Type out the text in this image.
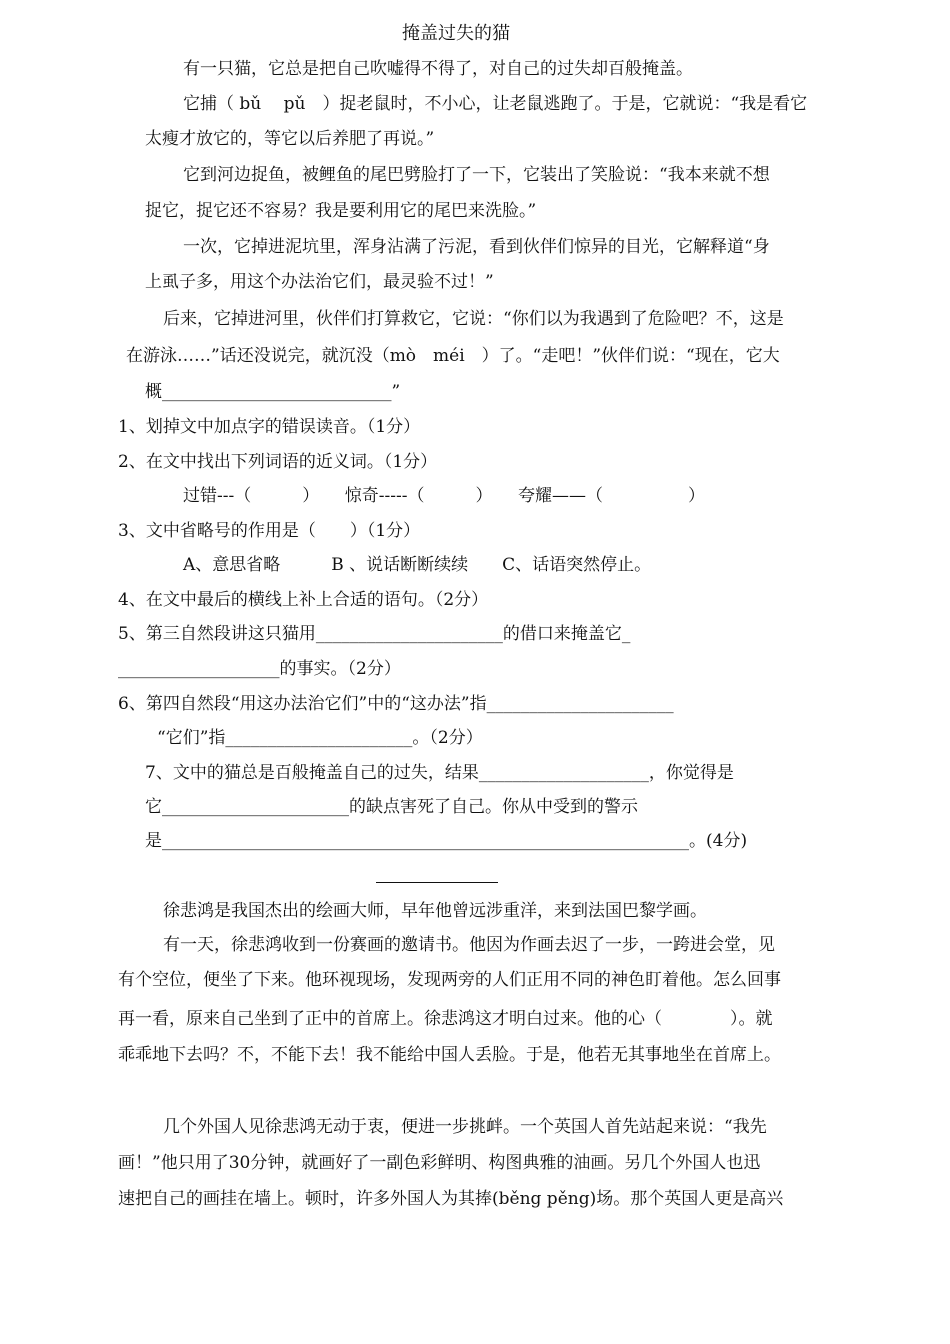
掩盖过失的猫
有一只猫，它总是把自己吹嘘得不得了，对自己的过失却百般掩盖。
它捕（ bǔ　 pǔ　）捉老鼠时，不小心，让老鼠逃跑了。于是，它就说：“我是看它
太瘦才放它的，等它以后养肥了再说。”
它到河边捉鱼，被鲤鱼的尾巴劈脸打了一下，它装出了笑脸说：“我本来就不想
捉它，捉它还不容易？我是要利用它的尾巴来洗脸。”
一次，它掉进泥坑里，浑身沾满了污泥，看到伙伴们惊异的目光，它解释道“身
上虱子多，用这个办法治它们，最灵验不过！”
后来，它掉进河里，伙伴们打算救它，它说：“你们以为我遇到了危险吧？不，这是
在游泳……”话还没说完，就沉没（mò　méi　）了。“走吧！”伙伴们说：“现在，它大
概___________________________”
1、划掉文中加点字的错误读音。（1分）
2、在文中找出下列词语的近义词。（1分）
过错---（　　　）　　惊奇-----（　　　）　　夸耀——（　　　　　）
3、文中省略号的作用是（　　）（1分）
A、意思省略　　　B 、说话断断续续　　C、话语突然停止。
4、在文中最后的横线上补上合适的语句。（2分）
5、第三自然段讲这只猫用______________________的借口来掩盖它_
___________________的事实。（2分）
6、第四自然段“用这办法治它们”中的“这办法”指______________________
“它们”指______________________。（2分）
7、文中的猫总是百般掩盖自己的过失，结果____________________，你觉得是
它______________________的缺点害死了自己。你从中受到的警示
是______________________________________________________________。(4分)
徐悲鸿是我国杰出的绘画大师，早年他曾远涉重洋，来到法国巴黎学画。
有一天，徐悲鸿收到一份赛画的邀请书。他因为作画去迟了一步，一跨进会堂，见
有个空位，便坐了下来。他环视现场，发现两旁的人们正用不同的神色盯着他。怎么回事
再一看，原来自己坐到了正中的首席上。徐悲鸿这才明白过来。他的心（　　　　）。就
乖乖地下去吗？不，不能下去！我不能给中国人丢脸。于是，他若无其事地坐在首席上。
几个外国人见徐悲鸿无动于衷，便进一步挑衅。一个英国人首先站起来说：“我先
画！”他只用了30分钟，就画好了一副色彩鲜明、构图典雅的油画。另几个外国人也迅
速把自己的画挂在墙上。顿时，许多外国人为其捧(běng pěng)场。那个英国人更是高兴
